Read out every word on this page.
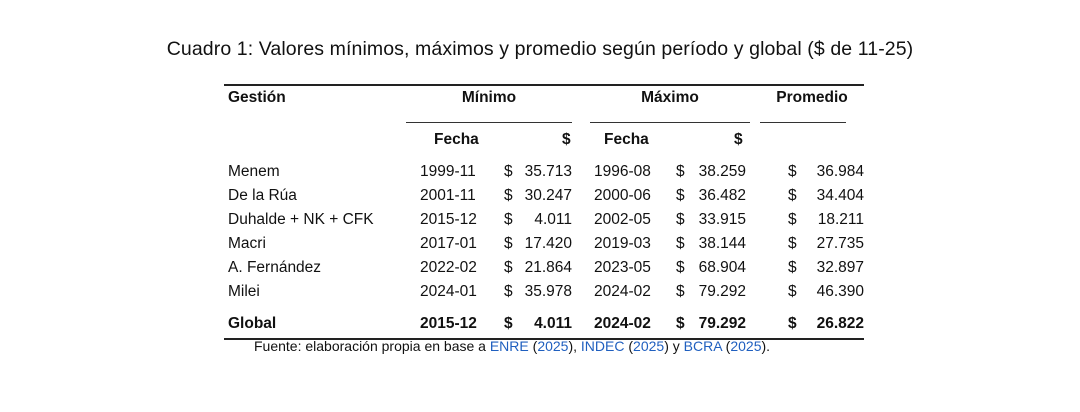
Cuadro 1: Valores mínimos, máximos y promedio según período y global ($ de 11-25)
Gestión	Mínimo	Máximo	Promedio
Fecha	$ Fecha	$
Menem	1999-11	$ 35.713 1996-08	$ 38.259	$ 36.984
De la Rúa	2001-11	$ 30.247 2000-06	$ 36.482	$ 34.404
Duhalde + NK + CFK	2015-12	$ 4.011 2002-05	$ 33.915	$ 18.211
Macri	2017-01	$ 17.420 2019-03	$ 38.144	$ 27.735
A. Fernández	2022-02	$ 21.864 2023-05	$ 68.904	$ 32.897
Milei	2024-01	$ 35.978 2024-02	$ 79.292	$ 46.390
Global	2015-12	$ 4.011 2024-02	$ 79.292	$ 26.822
Fuente: elaboración propia en base a ENRE (2025), INDEC (2025) y BCRA (2025).
